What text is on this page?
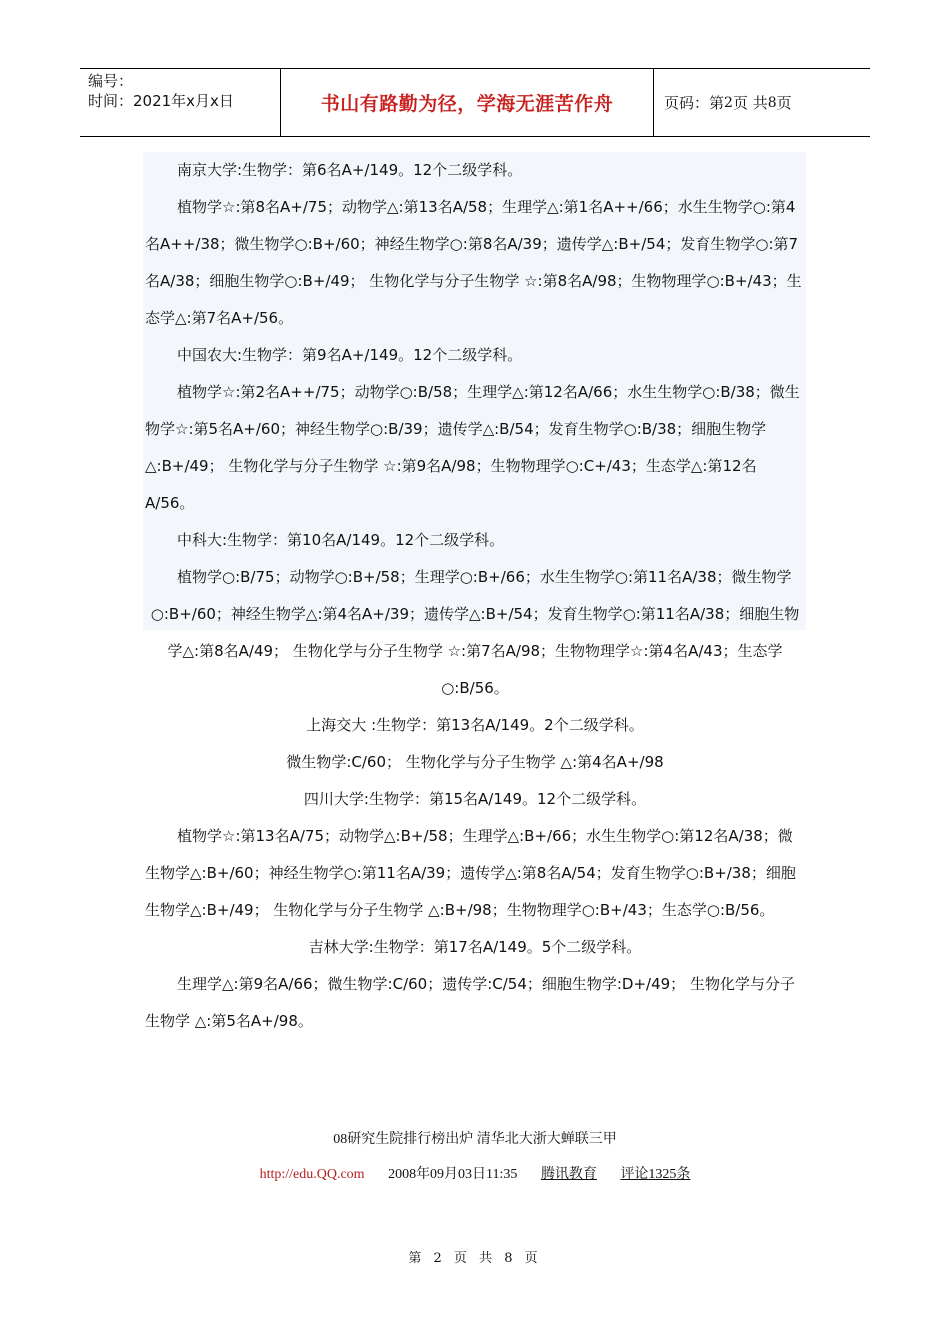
编号：
时间：2021年x月x日	书山有路勤为径，学海无涯苦作舟	页码：第 2 页 共 8 页

南京大学:生物学：第6名A+/149。12个二级学科。

植物学☆:第8名A+/75；动物学△:第13名A/58；生理学△:第1名A++/66；水生生物学○:第4名A++/38；微生物学○:B+/60；神经生物学○:第8名A/39；遗传学△:B+/54；发育生物学○:第7名A/38；细胞生物学○:B+/49； 生物化学与分子生物学 ☆:第8名A/98；生物物理学○:B+/43；生态学△:第7名A+/56。

中国农大:生物学：第9名A+/149。12个二级学科。

植物学☆:第2名A++/75；动物学○:B/58；生理学△:第12名A/66；水生生物学○:B/38；微生物学☆:第5名A+/60；神经生物学○:B/39；遗传学△:B/54；发育生物学○:B/38；细胞生物学△:B+/49； 生物化学与分子生物学 ☆:第9名A/98；生物物理学○:C+/43；生态学△:第12名A/56。

中科大:生物学：第10名A/149。12个二级学科。

植物学○:B/75；动物学○:B+/58；生理学○:B+/66；水生生物学○:第11名A/38；微生物学

○:B+/60；神经生物学△:第4名A+/39；遗传学△:B+/54；发育生物学○:第11名A/38；细胞生物学△:第8名A/49； 生物化学与分子生物学 ☆:第7名A/98；生物物理学☆:第4名A/43；生态学○:B/56。

上海交大 :生物学：第13名A/149。2个二级学科。

微生物学:C/60； 生物化学与分子生物学 △:第4名A+/98

四川大学:生物学：第15名A/149。12个二级学科。

植物学☆:第13名A/75；动物学△:B+/58；生理学△:B+/66；水生生物学○:第12名A/38；微生物学△:B+/60；神经生物学○:第11名A/39；遗传学△:第8名A/54；发育生物学○:B+/38；细胞生物学△:B+/49； 生物化学与分子生物学 △:B+/98；生物物理学○:B+/43；生态学○:B/56。

吉林大学:生物学：第17名A/149。5个二级学科。

生理学△:第9名A/66；微生物学:C/60；遗传学:C/54；细胞生物学:D+/49； 生物化学与分子生物学 △:第5名A+/98。

08研究生院排行榜出炉 清华北大浙大蝉联三甲
http://edu.QQ.com 2008年09月03日11:35 腾讯教育 评论1325条
第 2 页 共 8 页
